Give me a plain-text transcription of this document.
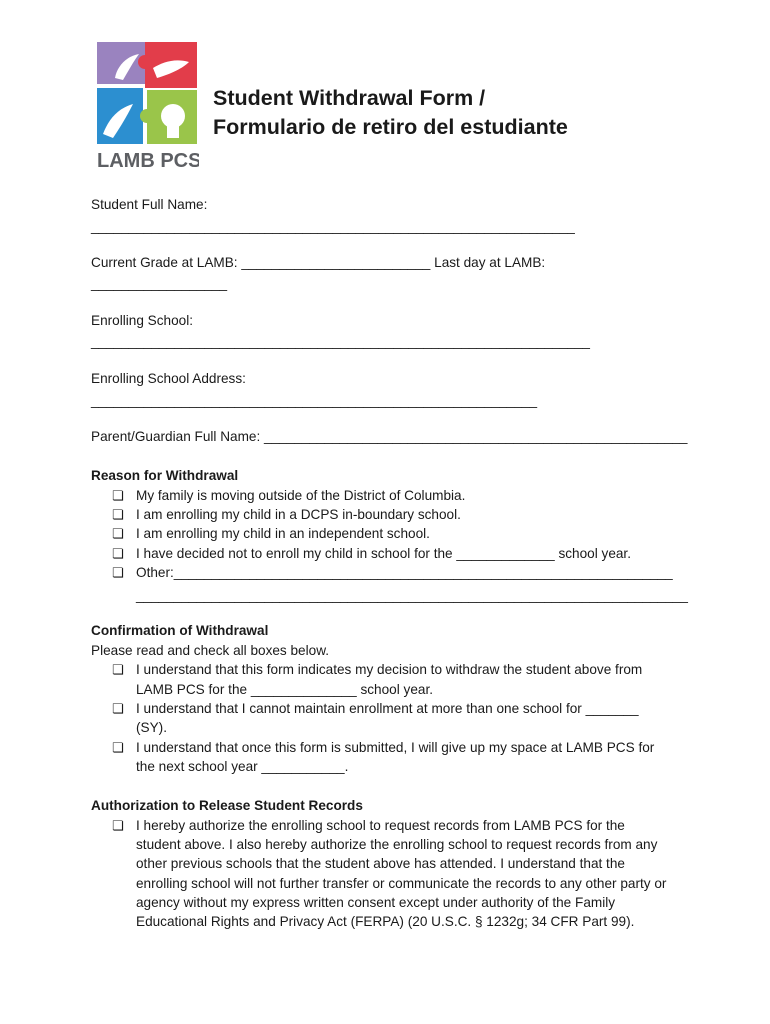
LAMB PCS
Student Withdrawal Form /
Formulario de retiro del estudiante
Student Full Name:
________________________________________________________________
Current Grade at LAMB: _________________________ Last day at LAMB:
__________________
Enrolling School:
__________________________________________________________________
Enrolling School Address:
___________________________________________________________
Parent/Guardian Full Name: ________________________________________________________
Reason for Withdrawal
❏ My family is moving outside of the District of Columbia.
❏ I am enrolling my child in a DCPS in-boundary school.
❏ I am enrolling my child in an independent school.
❏ I have decided not to enroll my child in school for the _____________ school year.
❏ Other:__________________________________________________________________
_________________________________________________________________________
Confirmation of Withdrawal
Please read and check all boxes below.
❏ I understand that this form indicates my decision to withdraw the student above from
LAMB PCS for the ______________ school year.
❏ I understand that I cannot maintain enrollment at more than one school for _______
(SY).
❏ I understand that once this form is submitted, I will give up my space at LAMB PCS for
the next school year ___________.
Authorization to Release Student Records
❏ I hereby authorize the enrolling school to request records from LAMB PCS for the
student above. I also hereby authorize the enrolling school to request records from any
other previous schools that the student above has attended. I understand that the
enrolling school will not further transfer or communicate the records to any other party or
agency without my express written consent except under authority of the Family
Educational Rights and Privacy Act (FERPA) (20 U.S.C. § 1232g; 34 CFR Part 99).
